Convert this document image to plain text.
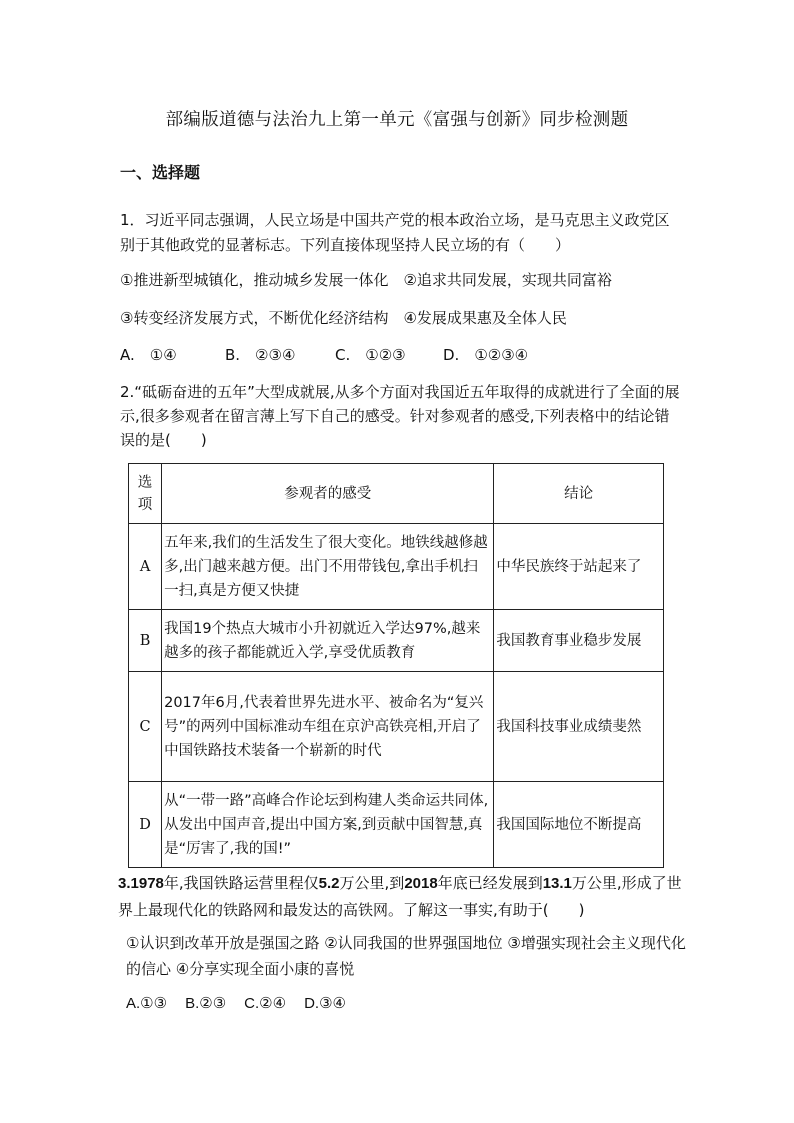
部编版道德与法治九上第一单元《富强与创新》同步检测题
一、选择题
1．习近平同志强调，人民立场是中国共产党的根本政治立场，是马克思主义政党区别于其他政党的显著标志。下列直接体现坚持人民立场的有（　　）
①推进新型城镇化，推动城乡发展一体化　②追求共同发展，实现共同富裕
③转变经济发展方式，不断优化经济结构　④发展成果惠及全体人民
A.　①④	B.　②③④	C.　①②③ D.　①②③④
2.“砥砺奋进的五年”大型成就展,从多个方面对我国近五年取得的成就进行了全面的展示,很多参观者在留言薄上写下自己的感受。针对参观者的感受,下列表格中的结论错误的是(　　)
选项	参观者的感受	结论
A	五年来,我们的生活发生了很大变化。地铁线越修越多,出门越来越方便。出门不用带钱包,拿出手机扫一扫,真是方便又快捷	中华民族终于站起来了
B	我国19个热点大城市小升初就近入学达97%,越来越多的孩子都能就近入学,享受优质教育	我国教育事业稳步发展
C	2017年6月,代表着世界先进水平、被命名为“复兴号”的两列中国标准动车组在京沪高铁亮相,开启了中国铁路技术装备一个崭新的时代	我国科技事业成绩斐然
D	从“一带一路”高峰合作论坛到构建人类命运共同体,从发出中国声音,提出中国方案,到贡献中国智慧,真是“厉害了,我的国!”	我国国际地位不断提高
3.1978年,我国铁路运营里程仅5.2万公里,到2018年底已经发展到13.1万公里,形成了世界上最现代化的铁路网和最发达的高铁网。了解这一事实,有助于(　　)
①认识到改革开放是强国之路 ②认同我国的世界强国地位 ③增强实现社会主义现代化的信心 ④分享实现全面小康的喜悦
A.①③ B.②③ C.②④ D.③④
